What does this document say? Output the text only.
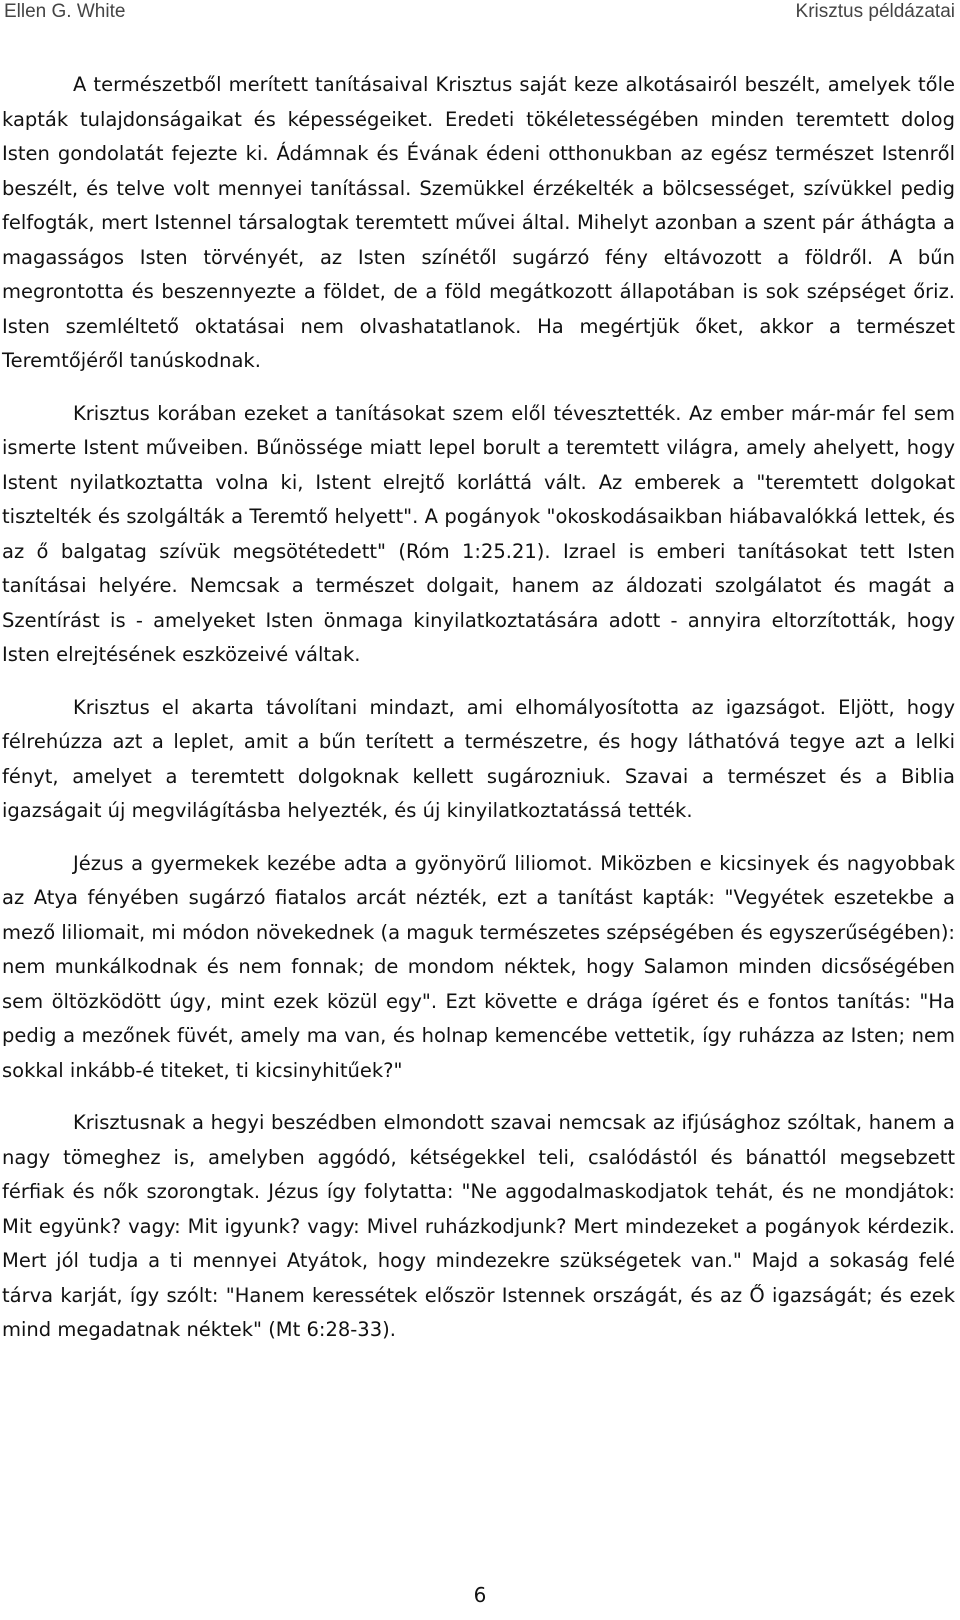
Ellen G. White	Krisztus példázatai

A természetből merített tanításaival Krisztus saját keze alkotásairól beszélt, amelyek tőle kapták tulajdonságaikat és képességeiket. Eredeti tökéletességében minden teremtett dolog Isten gondolatát fejezte ki. Ádámnak és Évának édeni otthonukban az egész természet Istenről beszélt, és telve volt mennyei tanítással. Szemükkel érzékelték a bölcsességet, szívükkel pedig felfogták, mert Istennel társalogtak teremtett művei által. Mihelyt azonban a szent pár áthágta a magasságos Isten törvényét, az Isten színétől sugárzó fény eltávozott a földről. A bűn megrontotta és beszennyezte a földet, de a föld megátkozott állapotában is sok szépséget őriz. Isten szemléltető oktatásai nem olvashatatlanok. Ha megértjük őket, akkor a természet Teremtőjéről tanúskodnak.

Krisztus korában ezeket a tanításokat szem elől tévesztették. Az ember már-már fel sem ismerte Istent műveiben. Bűnössége miatt lepel borult a teremtett világra, amely ahelyett, hogy Istent nyilatkoztatta volna ki, Istent elrejtő korláttá vált. Az emberek a "teremtett dolgokat tisztelték és szolgálták a Teremtő helyett". A pogányok "okoskodásaikban hiábavalókká lettek, és az ő balgatag szívük megsötétedett" (Róm 1:25.21). Izrael is emberi tanításokat tett Isten tanításai helyére. Nemcsak a természet dolgait, hanem az áldozati szolgálatot és magát a Szentírást is - amelyeket Isten önmaga kinyilatkoztatására adott - annyira eltorzították, hogy Isten elrejtésének eszközeivé váltak.

Krisztus el akarta távolítani mindazt, ami elhomályosította az igazságot. Eljött, hogy félrehúzza azt a leplet, amit a bűn terített a természetre, és hogy láthatóvá tegye azt a lelki fényt, amelyet a teremtett dolgoknak kellett sugározniuk. Szavai a természet és a Biblia igazságait új megvilágításba helyezték, és új kinyilatkoztatássá tették.

Jézus a gyermekek kezébe adta a gyönyörű liliomot. Miközben e kicsinyek és nagyobbak az Atya fényében sugárzó fiatalos arcát nézték, ezt a tanítást kapták: "Vegyétek eszetekbe a mező liliomait, mi módon növekednek (a maguk természetes szépségében és egyszerűségében): nem munkálkodnak és nem fonnak; de mondom néktek, hogy Salamon minden dicsőségében sem öltözködött úgy, mint ezek közül egy". Ezt követte e drága ígéret és e fontos tanítás: "Ha pedig a mezőnek füvét, amely ma van, és holnap kemencébe vettetik, így ruházza az Isten; nem sokkal inkább-é titeket, ti kicsinyhitűek?"

Krisztusnak a hegyi beszédben elmondott szavai nemcsak az ifjúsághoz szóltak, hanem a nagy tömeghez is, amelyben aggódó, kétségekkel teli, csalódástól és bánattól megsebzett férfiak és nők szorongtak. Jézus így folytatta: "Ne aggodalmaskodjatok tehát, és ne mondjátok: Mit együnk? vagy: Mit igyunk? vagy: Mivel ruházkodjunk? Mert mindezeket a pogányok kérdezik. Mert jól tudja a ti mennyei Atyátok, hogy mindezekre szükségetek van." Majd a sokaság felé tárva karját, így szólt: "Hanem keressétek először Istennek országát, és az Ő igazságát; és ezek mind megadatnak néktek" (Mt 6:28-33).

6
